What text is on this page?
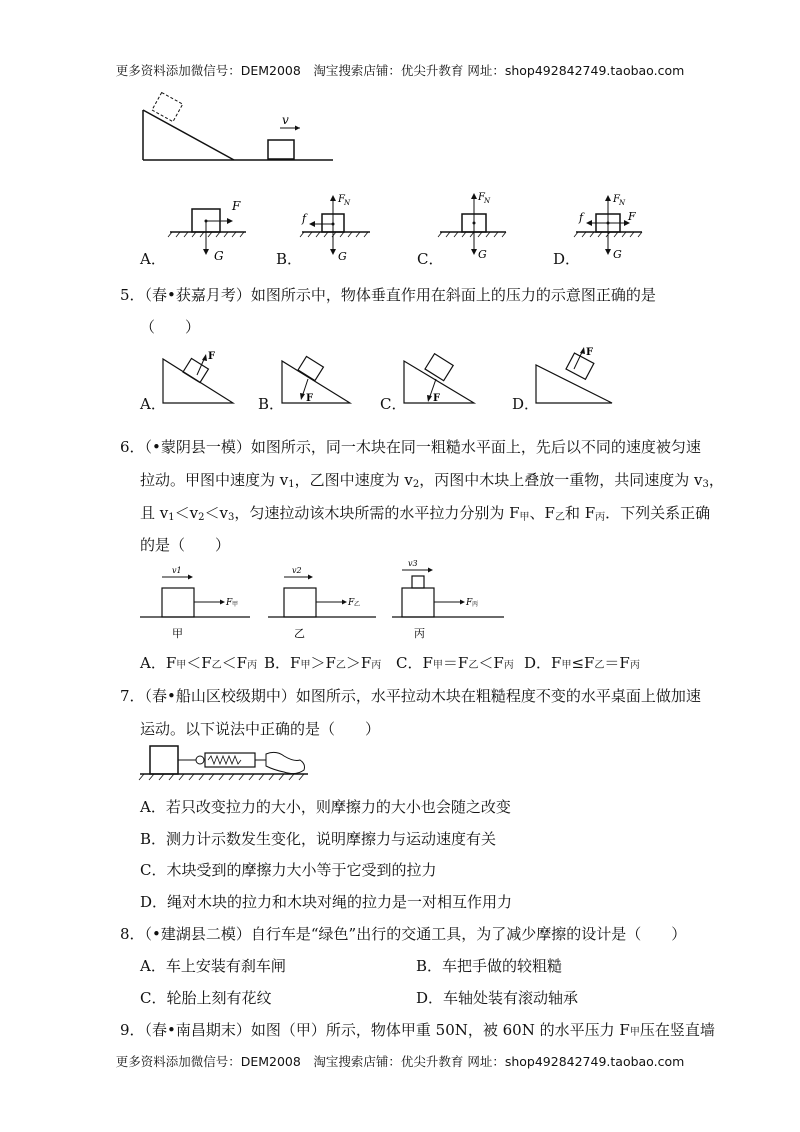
更多资料添加微信号：DEM2008　淘宝搜索店铺：优尖升教育 网址：shop492842749.taobao.com
v
F
G
F N
f
G
F N
G
F N
f	F
G
A．	B．	C．	D．
5．（春•获嘉月考）如图所示中，物体垂直作用在斜面上的压力的示意图正确的是
（　　）
F
F	F
F
A．	B．	C．	D．
6．（•蒙阴县一模）如图所示，同一木块在同一粗糙水平面上，先后以不同的速度被匀速
拉动。甲图中速度为 $v_1$，乙图中速度为 $v_2$，丙图中木块上叠放一重物，共同速度为 $v_3$，
且 $v_1<v_2<v_3$，匀速拉动该木块所需的水平拉力分别为 $F_甲$、$F_乙$和 $F_丙$．下列关系正确
的是（　　）
v1
F 甲
甲
v2
F 乙
乙
v3
F 丙
丙
A．F甲＜F乙＜F丙 B．F甲＞F乙＞F丙 C．F甲＝F乙＜F丙 D．F甲≤F乙＝F丙
7．（春•船山区校级期中）如图所示，水平拉动木块在粗糙程度不变的水平桌面上做加速
运动。以下说法中正确的是（　　）
A．若只改变拉力的大小，则摩擦力的大小也会随之改变
B．测力计示数发生变化，说明摩擦力与运动速度有关
C．木块受到的摩擦力大小等于它受到的拉力
D．绳对木块的拉力和木块对绳的拉力是一对相互作用力
8．（•建湖县二模）自行车是“绿色”出行的交通工具，为了减少摩擦的设计是（　　）
A．车上安装有刹车闸	B．车把手做的较粗糙
C．轮胎上刻有花纹	D．车轴处装有滚动轴承
9．（春•南昌期末）如图（甲）所示，物体甲重 50N，被 60N 的水平压力 F甲压在竖直墙
更多资料添加微信号：DEM2008　淘宝搜索店铺：优尖升教育 网址：shop492842749.taobao.com
